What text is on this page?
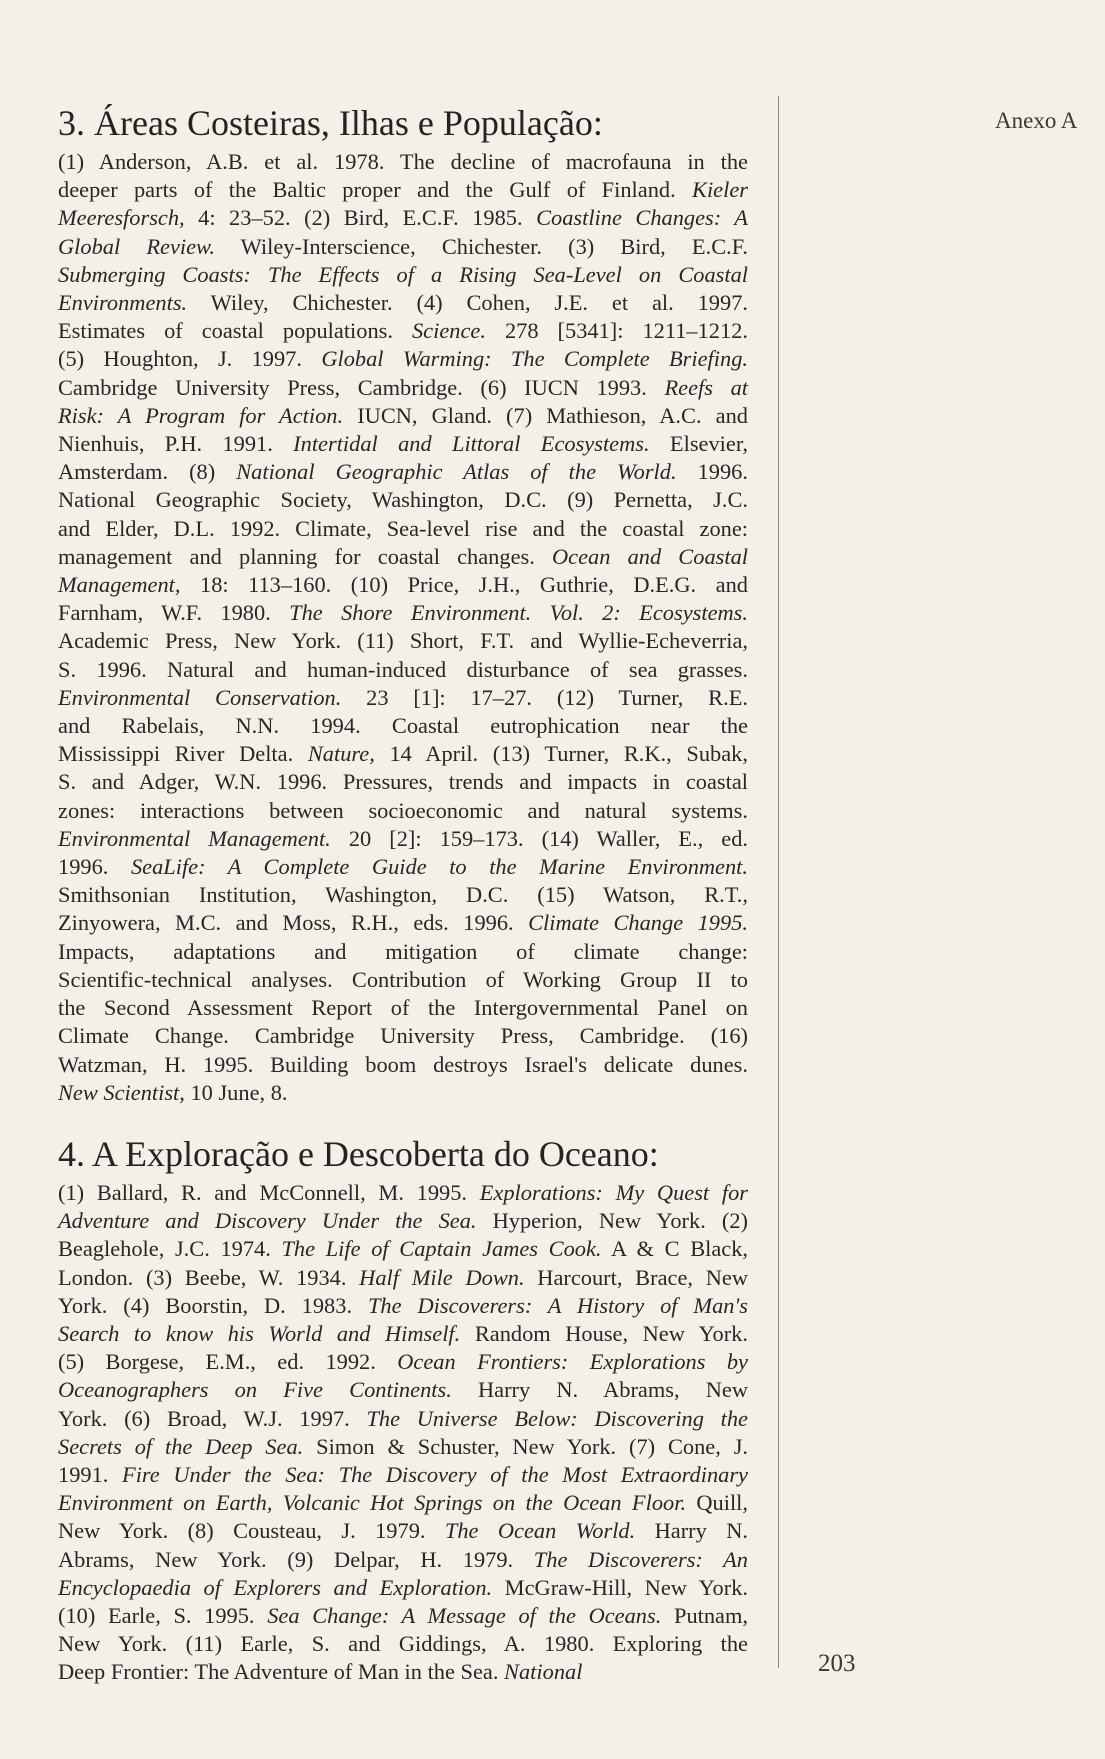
Anexo A
3. Áreas Costeiras, Ilhas e População:

(1) Anderson, A.B. et al. 1978. The decline of macrofauna in the

deeper parts of the Baltic proper and the Gulf of Finland. Kieler

Meeresforsch, 4: 23–52. (2) Bird, E.C.F. 1985. Coastline Changes: A

Global Review. Wiley-Interscience, Chichester. (3) Bird, E.C.F.

Submerging Coasts: The Effects of a Rising Sea-Level on Coastal

Environments. Wiley, Chichester. (4) Cohen, J.E. et al. 1997.

Estimates of coastal populations. Science. 278 [5341]: 1211–1212.

(5) Houghton, J. 1997. Global Warming: The Complete Briefing.

Cambridge University Press, Cambridge. (6) IUCN 1993. Reefs at

Risk: A Program for Action. IUCN, Gland. (7) Mathieson, A.C. and

Nienhuis, P.H. 1991. Intertidal and Littoral Ecosystems. Elsevier,

Amsterdam. (8) National Geographic Atlas of the World. 1996.

National Geographic Society, Washington, D.C. (9) Pernetta, J.C.

and Elder, D.L. 1992. Climate, Sea-level rise and the coastal zone:

management and planning for coastal changes. Ocean and Coastal

Management, 18: 113–160. (10) Price, J.H., Guthrie, D.E.G. and

Farnham, W.F. 1980. The Shore Environment. Vol. 2: Ecosystems.

Academic Press, New York. (11) Short, F.T. and Wyllie-Echeverria,

S. 1996. Natural and human-induced disturbance of sea grasses.

Environmental Conservation. 23 [1]: 17–27. (12) Turner, R.E.

and Rabelais, N.N. 1994. Coastal eutrophication near the

Mississippi River Delta. Nature, 14 April. (13) Turner, R.K., Subak,

S. and Adger, W.N. 1996. Pressures, trends and impacts in coastal

zones: interactions between socioeconomic and natural systems.

Environmental Management. 20 [2]: 159–173. (14) Waller, E., ed.

1996. SeaLife: A Complete Guide to the Marine Environment.

Smithsonian Institution, Washington, D.C. (15) Watson, R.T.,

Zinyowera, M.C. and Moss, R.H., eds. 1996. Climate Change 1995.

Impacts, adaptations and mitigation of climate change:

Scientific-technical analyses. Contribution of Working Group II to

the Second Assessment Report of the Intergovernmental Panel on

Climate Change. Cambridge University Press, Cambridge. (16)

Watzman, H. 1995. Building boom destroys Israel's delicate dunes.

New Scientist, 10 June, 8.

4. A Exploração e Descoberta do Oceano:

(1) Ballard, R. and McConnell, M. 1995. Explorations: My Quest for

Adventure and Discovery Under the Sea. Hyperion, New York. (2)

Beaglehole, J.C. 1974. The Life of Captain James Cook. A & C Black,

London. (3) Beebe, W. 1934. Half Mile Down. Harcourt, Brace, New

York. (4) Boorstin, D. 1983. The Discoverers: A History of Man's

Search to know his World and Himself. Random House, New York.

(5) Borgese, E.M., ed. 1992. Ocean Frontiers: Explorations by

Oceanographers on Five Continents. Harry N. Abrams, New

York. (6) Broad, W.J. 1997. The Universe Below: Discovering the

Secrets of the Deep Sea. Simon & Schuster, New York. (7) Cone, J.

1991. Fire Under the Sea: The Discovery of the Most Extraordinary

Environment on Earth, Volcanic Hot Springs on the Ocean Floor. Quill,

New York. (8) Cousteau, J. 1979. The Ocean World. Harry N.

Abrams, New York. (9) Delpar, H. 1979. The Discoverers: An

Encyclopaedia of Explorers and Exploration. McGraw-Hill, New York.

(10) Earle, S. 1995. Sea Change: A Message of the Oceans. Putnam,

New York. (11) Earle, S. and Giddings, A. 1980. Exploring the

Deep Frontier: The Adventure of Man in the Sea. National	203
